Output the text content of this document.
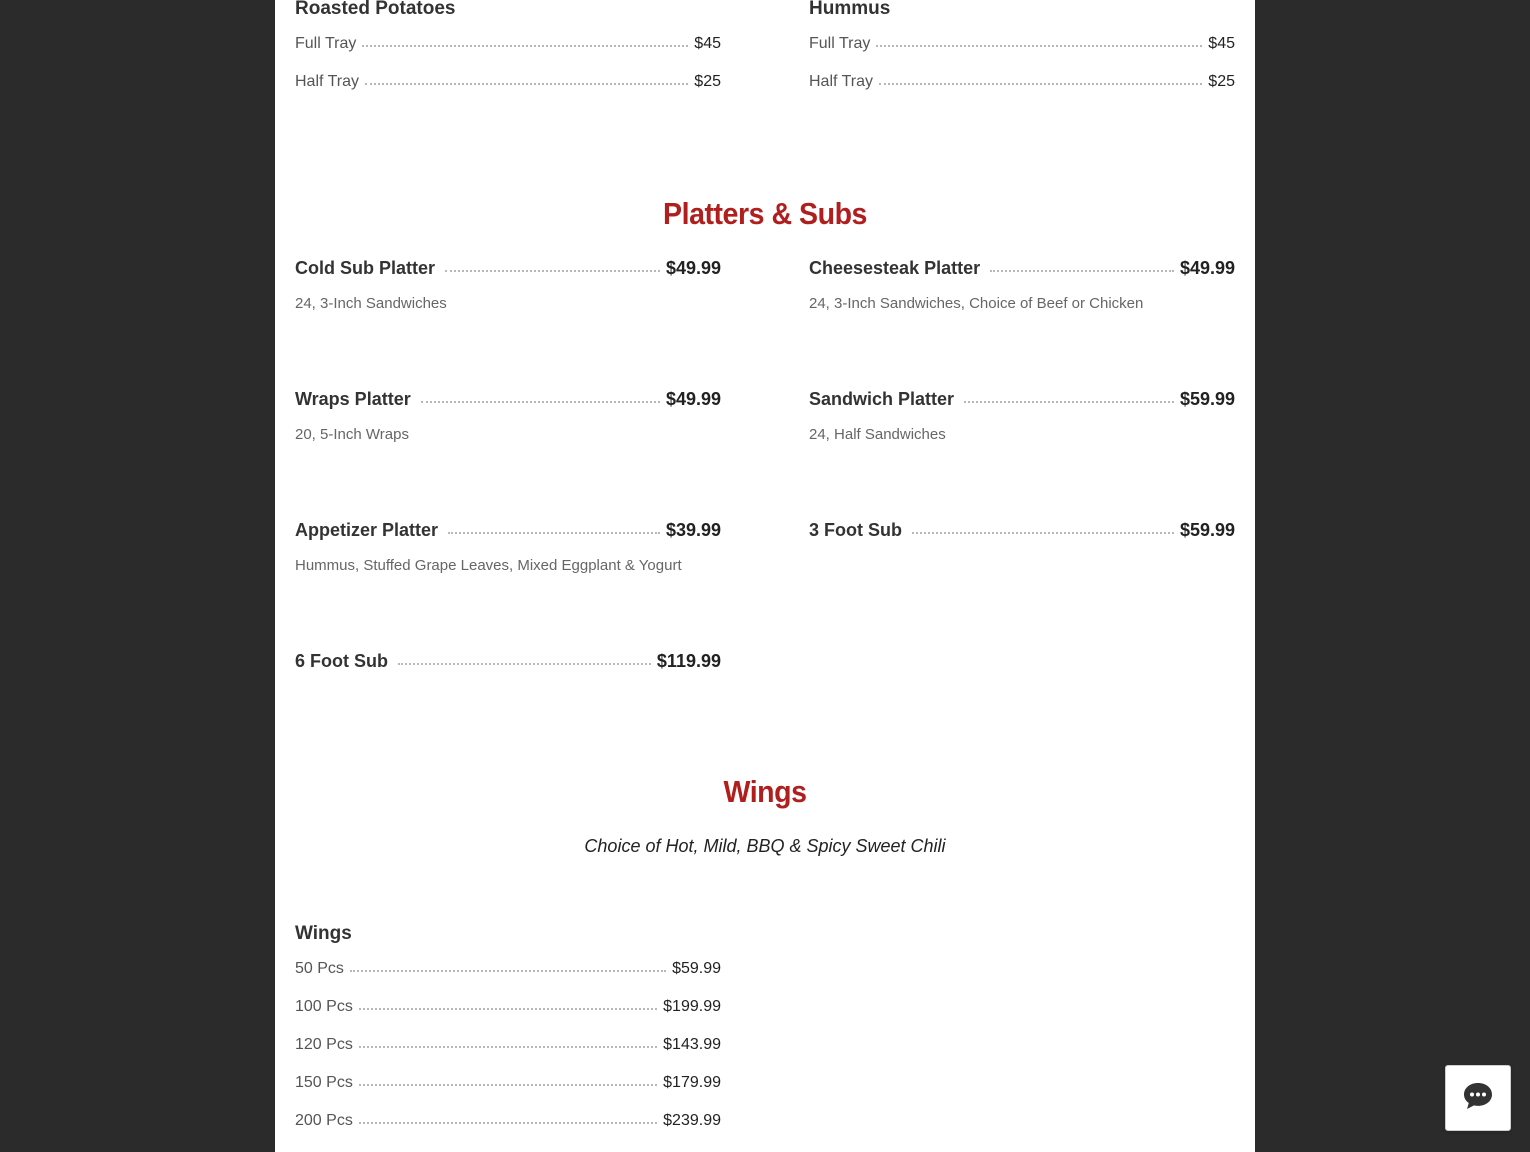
Roasted Potatoes
Full Tray	$45
Half Tray	$25
Hummus
Full Tray	$45
Half Tray	$25
Platters & Subs
Cold Sub Platter	$49.99
24, 3-Inch Sandwiches
Cheesesteak Platter	$49.99
24, 3-Inch Sandwiches, Choice of Beef or Chicken
Wraps Platter	$49.99
20, 5-Inch Wraps
Sandwich Platter	$59.99
24, Half Sandwiches
Appetizer Platter	$39.99
Hummus, Stuffed Grape Leaves, Mixed Eggplant & Yogurt
3 Foot Sub	$59.99
6 Foot Sub	$119.99
Wings
Choice of Hot, Mild, BBQ & Spicy Sweet Chili
Wings
50 Pcs	$59.99
100 Pcs	$199.99
120 Pcs	$143.99
150 Pcs	$179.99
200 Pcs	$239.99
